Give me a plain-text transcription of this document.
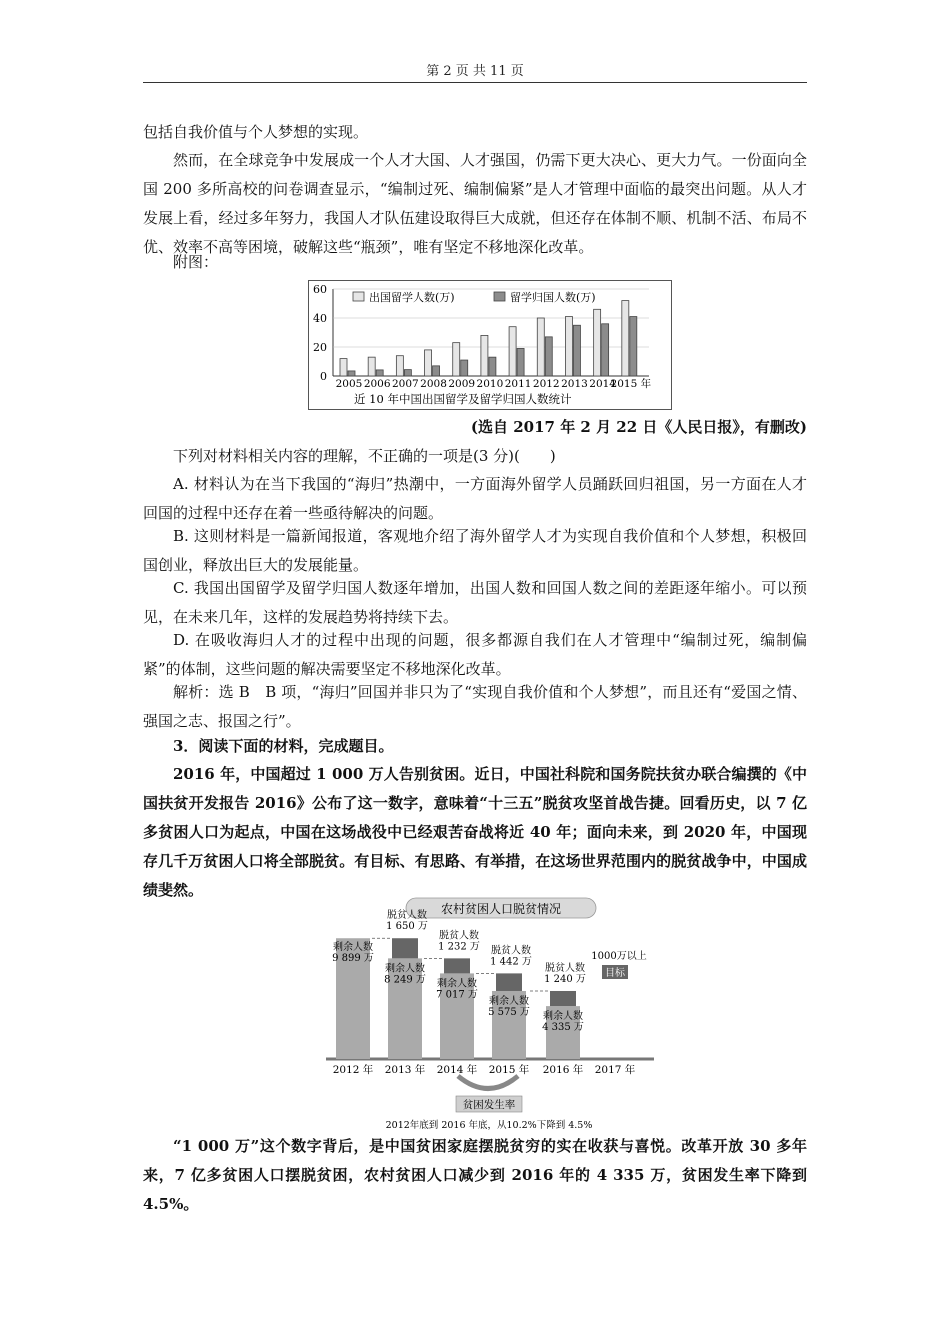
第 2 页 共 11 页

包括自我价值与个人梦想的实现。

然而，在全球竞争中发展成一个人才大国、人才强国，仍需下更大决心、更大力气。一份面向全国 200 多所高校的问卷调查显示，“编制过死、编制偏紧”是人才管理中面临的最突出问题。从人才发展上看，经过多年努力，我国人才队伍建设取得巨大成就，但还存在体制不顺、机制不活、布局不优、效率不高等困境，破解这些“瓶颈”，唯有坚定不移地深化改革。

附图：

0
20
40
60
2005 2006 2007 2008 2009 2010 2011 2012 2013 2014
2015 年
出国留学人数(万)	留学归国人数(万)
近 10 年中国出国留学及留学归国人数统计
(选自 2017 年 2 月 22 日《人民日报》，有删改)

下列对材料相关内容的理解，不正确的一项是(3 分)(　　)

A. 材料认为在当下我国的“海归”热潮中，一方面海外留学人员踊跃回归祖国，另一方面在人才回国的过程中还存在着一些亟待解决的问题。

B. 这则材料是一篇新闻报道，客观地介绍了海外留学人才为实现自我价值和个人梦想，积极回国创业，释放出巨大的发展能量。

C. 我国出国留学及留学归国人数逐年增加，出国人数和回国人数之间的差距逐年缩小。可以预见，在未来几年，这样的发展趋势将持续下去。

D. 在吸收海归人才的过程中出现的问题，很多都源自我们在人才管理中“编制过死，编制偏紧”的体制，这些问题的解决需要坚定不移地深化改革。

解析：选 B　B 项，“海归”回国并非只为了“实现自我价值和个人梦想”，而且还有“爱国之情、强国之志、报国之行”。

3．阅读下面的材料，完成题目。

2016 年，中国超过 1 000 万人告别贫困。近日，中国社科院和国务院扶贫办联合编撰的《中国扶贫开发报告 2016》公布了这一数字，意味着“十三五”脱贫攻坚首战告捷。回看历史，以 7 亿多贫困人口为起点，中国在这场战役中已经艰苦奋战将近 40 年；面向未来，到 2020 年，中国现存几千万贫困人口将全部脱贫。有目标、有思路、有举措，在这场世界范围内的脱贫战争中，中国成绩斐然。

农村贫困人口脱贫情况
2012 年
剩余人数
9 899 万
2013 年
剩余人数
8 249 万
脱贫人数
1 650 万
2014 年
剩余人数
7 017 万
脱贫人数
1 232 万
2015 年
剩余人数
5 575 万
脱贫人数
1 442 万
2016 年
剩余人数
4 335 万
脱贫人数
1 240 万
目标
2017 年
1000万以上
贫困发生率
2012年底到 2016 年底，从10.2%下降到 4.5%

“1 000 万”这个数字背后，是中国贫困家庭摆脱贫穷的实在收获与喜悦。改革开放 30 多年来，7 亿多贫困人口摆脱贫困，农村贫困人口减少到 2016 年的 4 335 万，贫困发生率下降到 4.5%。
